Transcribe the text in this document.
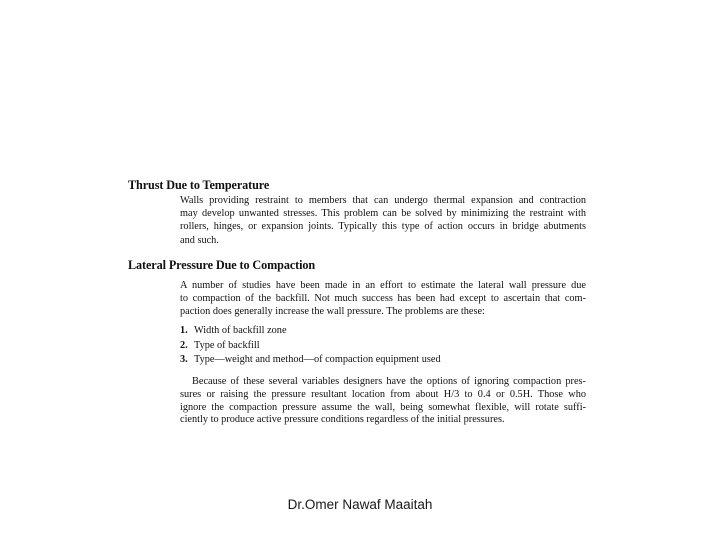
Thrust Due to Temperature

Walls providing restraint to members that can undergo thermal expansion and contraction
may develop unwanted stresses. This problem can be solved by minimizing the restraint with
rollers, hinges, or expansion joints. Typically this type of action occurs in bridge abutments
and such.

Lateral Pressure Due to Compaction

A number of studies have been made in an effort to estimate the lateral wall pressure due
to compaction of the backfill. Not much success has been had except to ascertain that com-
paction does generally increase the wall pressure. The problems are these:

1. Width of backfill zone
2. Type of backfill
3. Type—weight and method—of compaction equipment used

Because of these several variables designers have the options of ignoring compaction pres-
sures or raising the pressure resultant location from about H/3 to 0.4 or 0.5H. Those who
ignore the compaction pressure assume the wall, being somewhat flexible, will rotate suffi-
ciently to produce active pressure conditions regardless of the initial pressures.

Dr.Omer Nawaf Maaitah
